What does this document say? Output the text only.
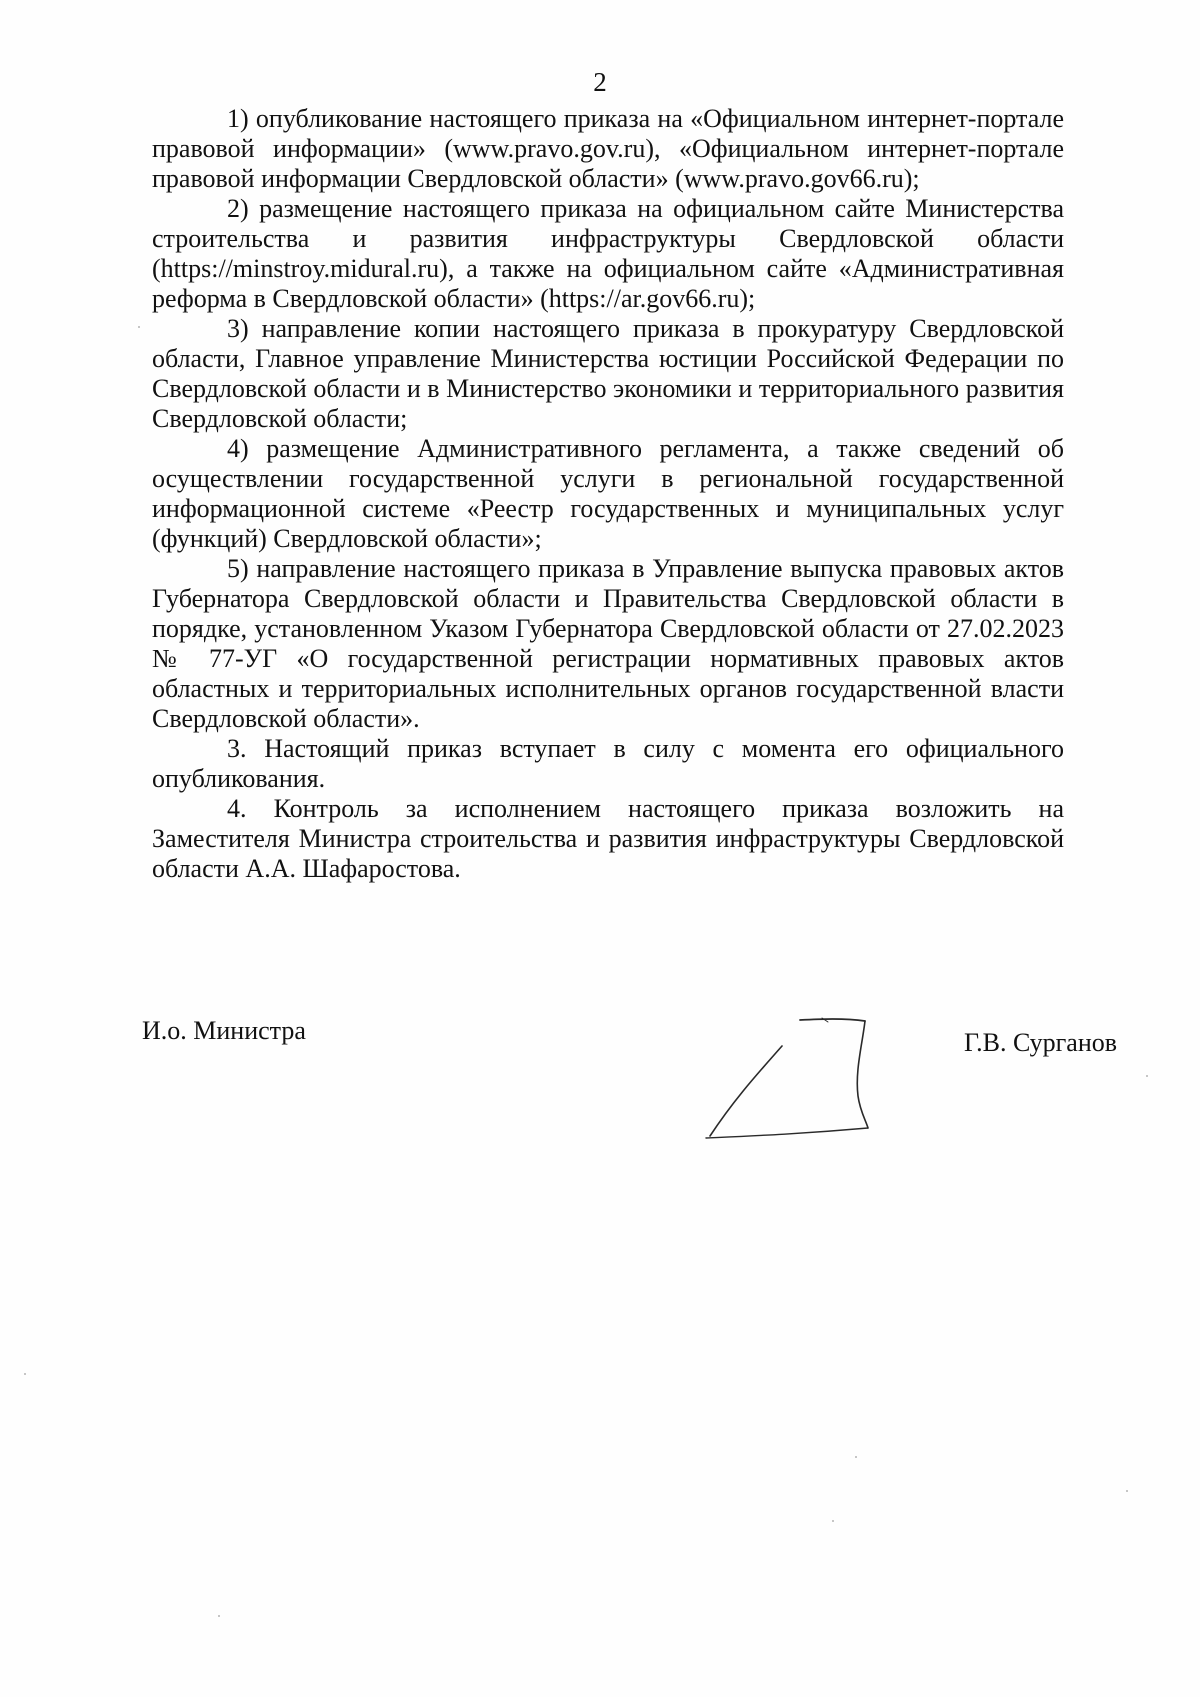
2

1) опубликование настоящего приказа на «Официальном интернет-портале правовой информации» (www.pravo.gov.ru), «Официальном интернет-портале правовой информации Свердловской области» (www.pravo.gov66.ru);

2) размещение настоящего приказа на официальном сайте Министерства строительства и развития инфраструктуры Свердловской области (https://minstroy.midural.ru), а также на официальном сайте «Административная реформа в Свердловской области» (https://ar.gov66.ru);

3) направление копии настоящего приказа в прокуратуру Свердловской области, Главное управление Министерства юстиции Российской Федерации по Свердловской области и в Министерство экономики и территориального развития Свердловской области;

4) размещение Административного регламента, а также сведений об осуществлении государственной услуги в региональной государственной информационной системе «Реестр государственных и муниципальных услуг (функций) Свердловской области»;

5) направление настоящего приказа в Управление выпуска правовых актов Губернатора Свердловской области и Правительства Свердловской области в порядке, установленном Указом Губернатора Свердловской области от 27.02.2023 № 77-УГ «О государственной регистрации нормативных правовых актов областных и территориальных исполнительных органов государственной власти Свердловской области».

3. Настоящий приказ вступает в силу с момента его официального опубликования.

4. Контроль за исполнением настоящего приказа возложить на Заместителя Министра строительства и развития инфраструктуры Свердловской области А.А. Шафаростова.

И.о. Министра	Г.В. Сурганов
